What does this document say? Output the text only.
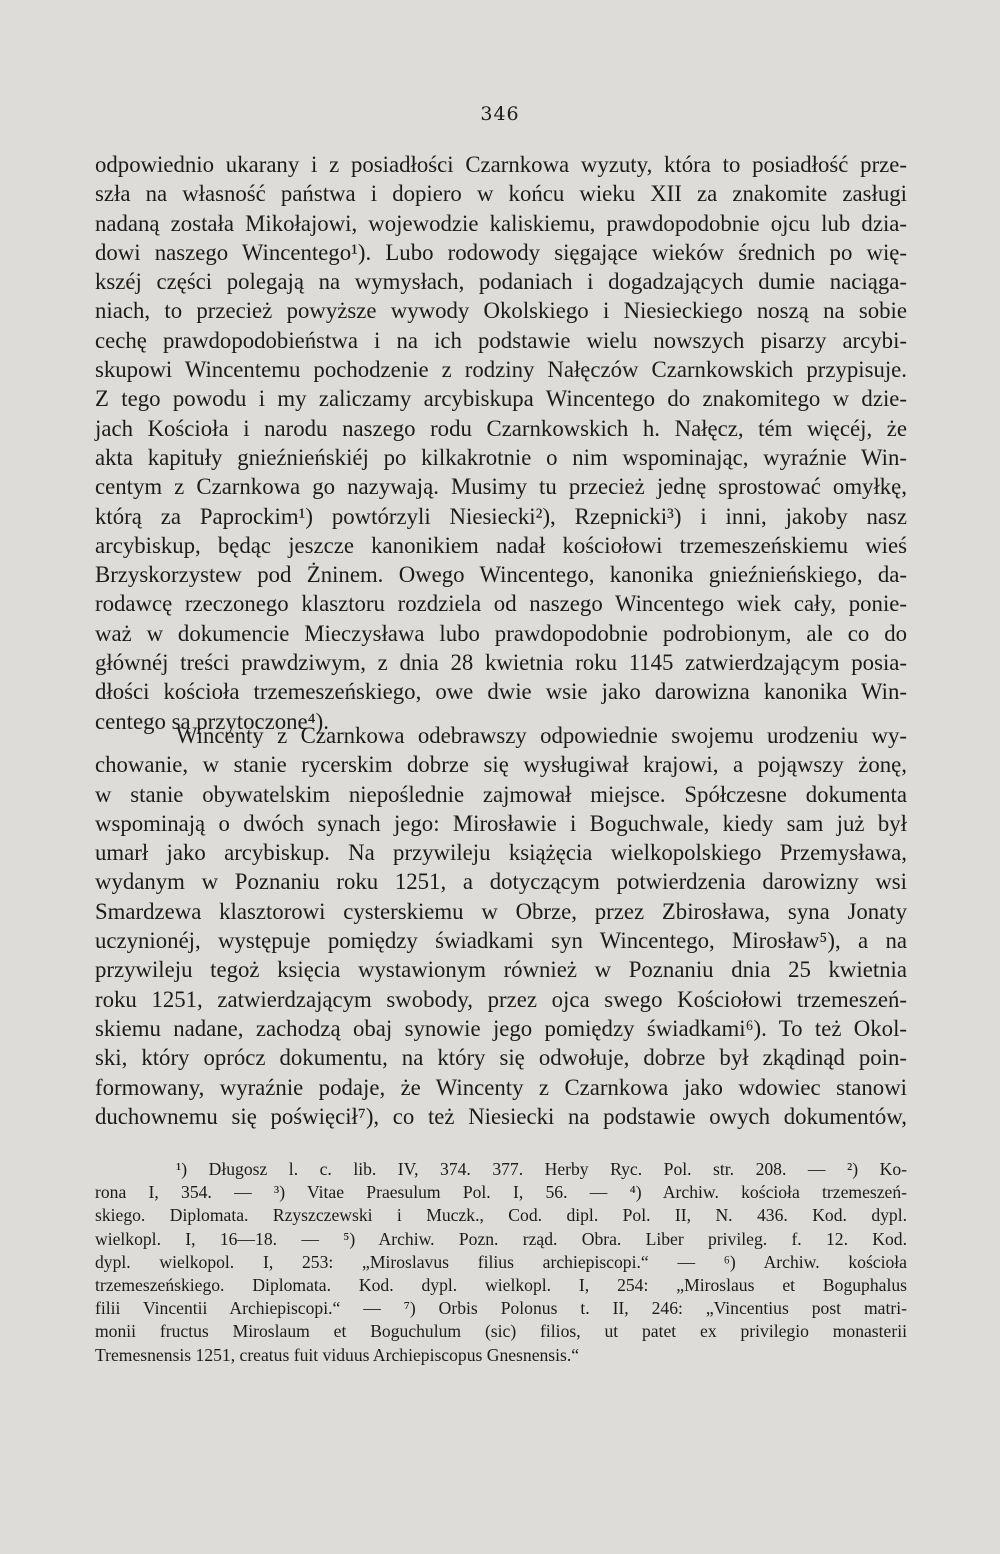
346
odpowiednio ukarany i z posiadłości Czarnkowa wyzuty, która to posiadłość prze-
szła na własność państwa i dopiero w końcu wieku XII za znakomite zasługi
nadaną została Mikołajowi, wojewodzie kaliskiemu, prawdopodobnie ojcu lub dzia-
dowi naszego Wincentego¹). Lubo rodowody sięgające wieków średnich po wię-
kszéj części polegają na wymysłach, podaniach i dogadzających dumie naciąga-
niach, to przecież powyższe wywody Okolskiego i Niesieckiego noszą na sobie
cechę prawdopodobieństwa i na ich podstawie wielu nowszych pisarzy arcybi-
skupowi Wincentemu pochodzenie z rodziny Nałęczów Czarnkowskich przypisuje.
Z tego powodu i my zaliczamy arcybiskupa Wincentego do znakomitego w dzie-
jach Kościoła i narodu naszego rodu Czarnkowskich h. Nałęcz, tém więcéj, że
akta kapituły gnieźnieńskiéj po kilkakrotnie o nim wspominając, wyraźnie Win-
centym z Czarnkowa go nazywają. Musimy tu przecież jednę sprostować omyłkę,
którą za Paprockim¹) powtórzyli Niesiecki²), Rzepnicki³) i inni, jakoby nasz
arcybiskup, będąc jeszcze kanonikiem nadał kościołowi trzemeszeńskiemu wieś
Brzyskorzystew pod Żninem. Owego Wincentego, kanonika gnieźnieńskiego, da-
rodawcę rzeczonego klasztoru rozdziela od naszego Wincentego wiek cały, ponie-
waż w dokumencie Mieczysława lubo prawdopodobnie podrobionym, ale co do
głównéj treści prawdziwym, z dnia 28 kwietnia roku 1145 zatwierdzającym posia-
dłości kościoła trzemeszeńskiego, owe dwie wsie jako darowizna kanonika Win-
centego są przytoczone⁴).
Wincenty z Czarnkowa odebrawszy odpowiednie swojemu urodzeniu wy-
chowanie, w stanie rycerskim dobrze się wysługiwał krajowi, a pojąwszy żonę,
w stanie obywatelskim niepoślednie zajmował miejsce. Spółczesne dokumenta
wspominają o dwóch synach jego: Mirosławie i Boguchwale, kiedy sam już był
umarł jako arcybiskup. Na przywileju książęcia wielkopolskiego Przemysława,
wydanym w Poznaniu roku 1251, a dotyczącym potwierdzenia darowizny wsi
Smardzewa klasztorowi cysterskiemu w Obrze, przez Zbirosława, syna Jonaty
uczynionéj, występuje pomiędzy świadkami syn Wincentego, Mirosław⁵), a na
przywileju tegoż księcia wystawionym również w Poznaniu dnia 25 kwietnia
roku 1251, zatwierdzającym swobody, przez ojca swego Kościołowi trzemeszeń-
skiemu nadane, zachodzą obaj synowie jego pomiędzy świadkami⁶). To też Okol-
ski, który oprócz dokumentu, na który się odwołuje, dobrze był zkądinąd poin-
formowany, wyraźnie podaje, że Wincenty z Czarnkowa jako wdowiec stanowi
duchownemu się poświęcił⁷), co też Niesiecki na podstawie owych dokumentów,
¹) Długosz l. c. lib. IV, 374. 377. Herby Ryc. Pol. str. 208. — ²) Ko-
rona I, 354. — ³) Vitae Praesulum Pol. I, 56. — ⁴) Archiw. kościoła trzemeszeń-
skiego. Diplomata. Rzyszczewski i Muczk., Cod. dipl. Pol. II, N. 436. Kod. dypl.
wielkopl. I, 16—18. — ⁵) Archiw. Pozn. rząd. Obra. Liber privileg. f. 12. Kod.
dypl. wielkopol. I, 253: „Miroslavus filius archiepiscopi.“ — ⁶) Archiw. kościoła
trzemeszeńskiego. Diplomata. Kod. dypl. wielkopl. I, 254: „Miroslaus et Boguphalus
filii Vincentii Archiepiscopi.“ — ⁷) Orbis Polonus t. II, 246: „Vincentius post matri-
monii fructus Miroslaum et Boguchulum (sic) filios, ut patet ex privilegio monasterii
Tremesnensis 1251, creatus fuit viduus Archiepiscopus Gnesnensis.“
